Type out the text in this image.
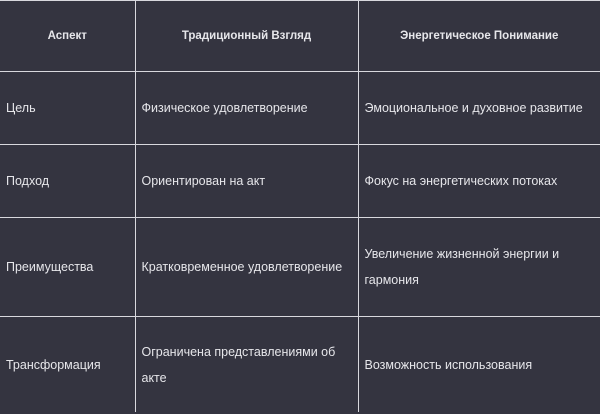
Аспект	Традиционный Взгляд	Энергетическое Понимание
Цель	Физическое удовлетворение	Эмоциональное и духовное развитие
Подход	Ориентирован на акт	Фокус на энергетических потоках
Преимущества	Кратковременное удовлетворение	Увеличение жизненной энергии и гармония
Трансформация	Ограничена представлениями об акте	Возможность использования
